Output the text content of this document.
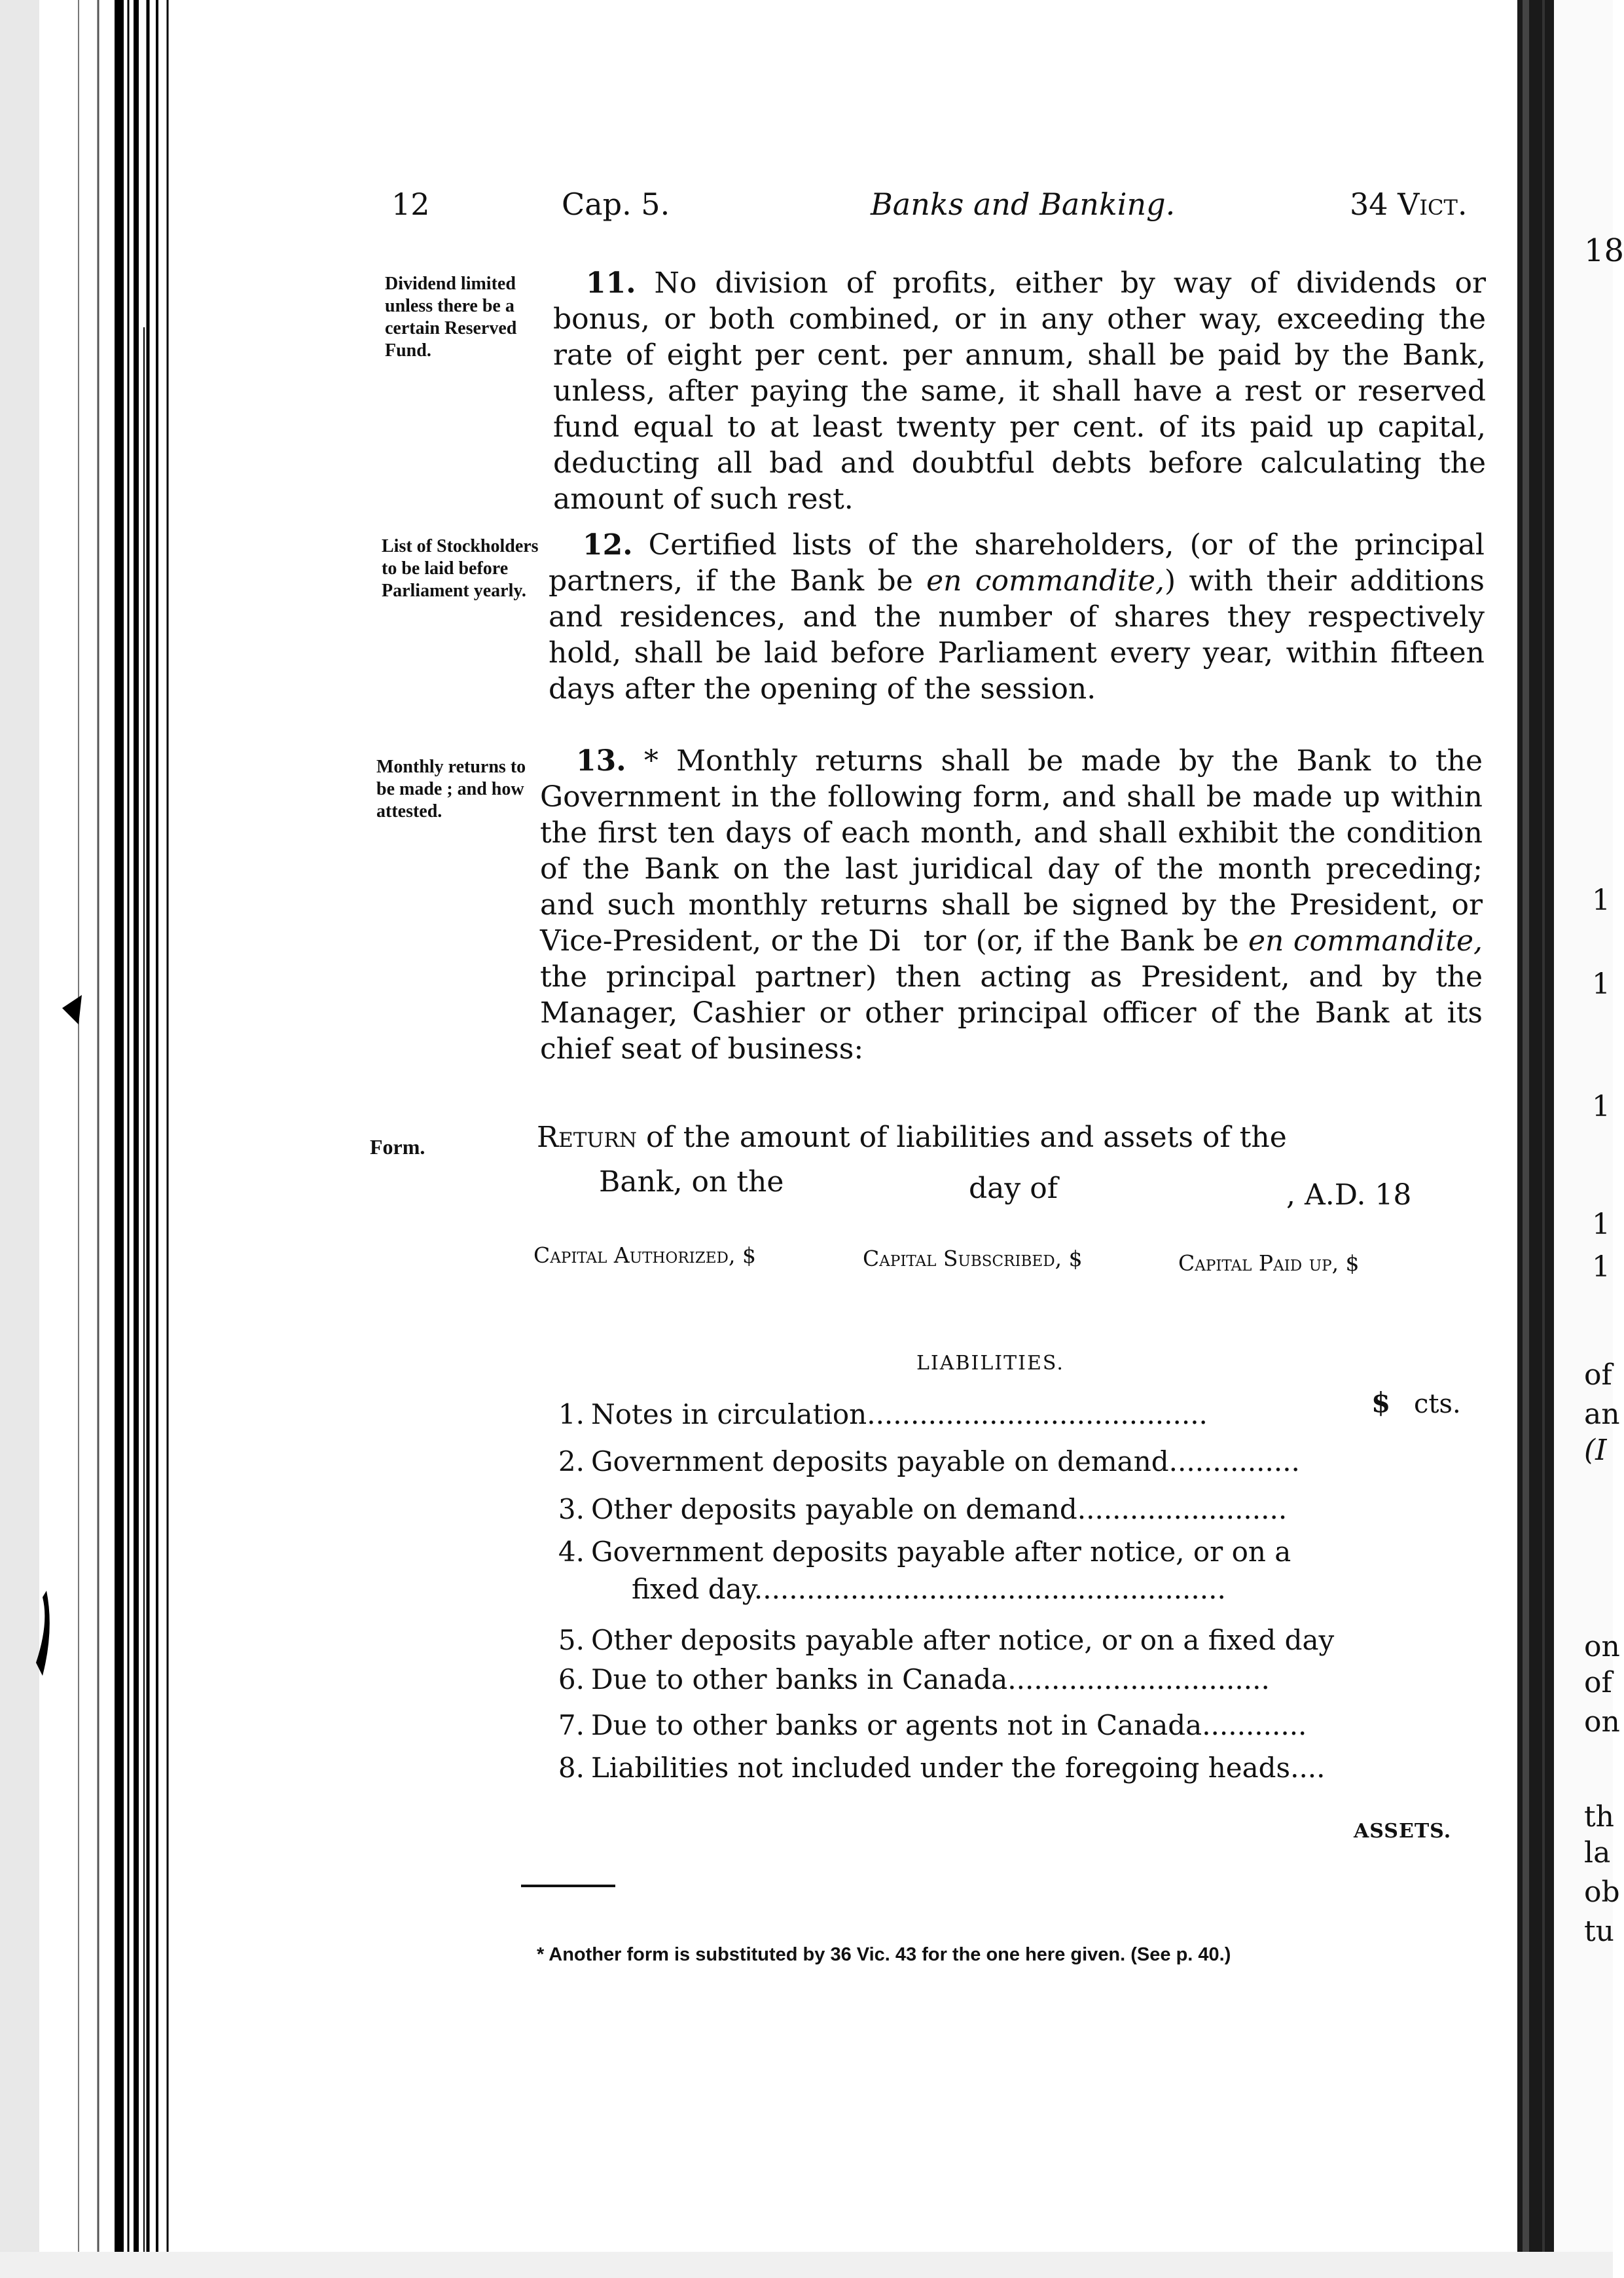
12	Cap. 5.	Banks and Banking.	34 Vict.
Dividend limited unless there be a certain Reserved Fund.
11. No division of profits, either by way of dividends or bonus, or both combined, or in any other way, exceeding the rate of eight per cent. per annum, shall be paid by the Bank, unless, after paying the same, it shall have a rest or reserved fund equal to at least twenty per cent. of its paid up capital, deducting all bad and doubtful debts before calculating the amount of such rest.
List of Stockholders to be laid before Parliament yearly.
12. Certified lists of the shareholders, (or of the principal partners, if the Bank be en commandite,) with their additions and residences, and the number of shares they respectively hold, shall be laid before Parliament every year, within fifteen days after the opening of the session.
Monthly returns to be made ; and how attested.
13. * Monthly returns shall be made by the Bank to the Government in the following form, and shall be made up within the first ten days of each month, and shall exhibit the condition of the Bank on the last juridical day of the month preceding; and such monthly returns shall be signed by the President, or Vice-President, or the Di    tor (or, if the Bank be en commandite, the principal partner) then acting as President, and by the Manager, Cashier or other principal officer of the Bank at its chief seat of business:
Form.	Return of the amount of liabilities and assets of the
Bank, on the	day of	, A.D. 18
Capital Authorized, $	Capital Subscribed, $	Capital Paid up, $
LIABILITIES.
$ cts.
1. Notes in circulation.......................................
2. Government deposits payable on demand...............
3. Other deposits payable on demand........................
4. Government deposits payable after notice, or on a
fixed day......................................................
5. Other deposits payable after notice, or on a fixed day
6. Due to other banks in Canada..............................
7. Due to other banks or agents not in Canada............
8. Liabilities not included under the foregoing heads....
ASSETS.
* Another form is substituted by 36 Vic. 43 for the one here given. (See p. 40.)
18
1
1
1
1
1
of
an
(I
on
of
on
th
la
ob
tu
